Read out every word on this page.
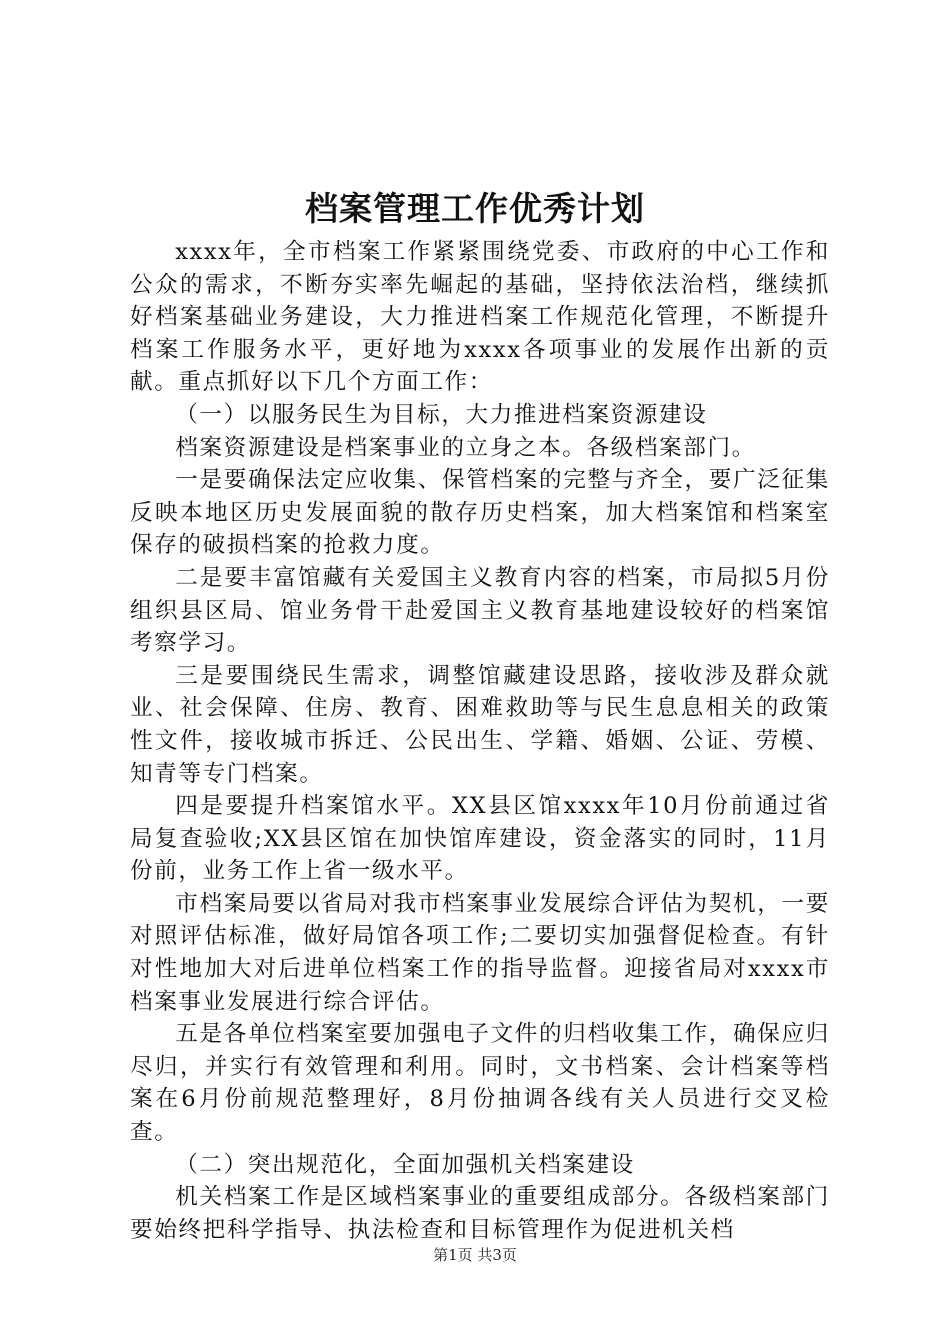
档案管理工作优秀计划

xxxx年，全市档案工作紧紧围绕党委、市政府的中心工作和公众的需求，不断夯实率先崛起的基础，坚持依法治档，继续抓好档案基础业务建设，大力推进档案工作规范化管理，不断提升档案工作服务水平，更好地为xxxx各项事业的发展作出新的贡献。重点抓好以下几个方面工作：

（一）以服务民生为目标，大力推进档案资源建设

档案资源建设是档案事业的立身之本。各级档案部门。

一是要确保法定应收集、保管档案的完整与齐全，要广泛征集反映本地区历史发展面貌的散存历史档案，加大档案馆和档案室保存的破损档案的抢救力度。

二是要丰富馆藏有关爱国主义教育内容的档案，市局拟5月份组织县区局、馆业务骨干赴爱国主义教育基地建设较好的档案馆考察学习。

三是要围绕民生需求，调整馆藏建设思路，接收涉及群众就业、社会保障、住房、教育、困难救助等与民生息息相关的政策性文件，接收城市拆迁、公民出生、学籍、婚姻、公证、劳模、知青等专门档案。

四是要提升档案馆水平。XX县区馆xxxx年10月份前通过省局复查验收;XX县区馆在加快馆库建设，资金落实的同时，11月份前，业务工作上省一级水平。

市档案局要以省局对我市档案事业发展综合评估为契机，一要对照评估标准，做好局馆各项工作;二要切实加强督促检查。有针对性地加大对后进单位档案工作的指导监督。迎接省局对xxxx市档案事业发展进行综合评估。

五是各单位档案室要加强电子文件的归档收集工作，确保应归尽归，并实行有效管理和利用。同时，文书档案、会计档案等档案在6月份前规范整理好，8月份抽调各线有关人员进行交叉检查。

（二）突出规范化，全面加强机关档案建设

机关档案工作是区域档案事业的重要组成部分。各级档案部门要始终把科学指导、执法检查和目标管理作为促进机关档

第1页 共3页
